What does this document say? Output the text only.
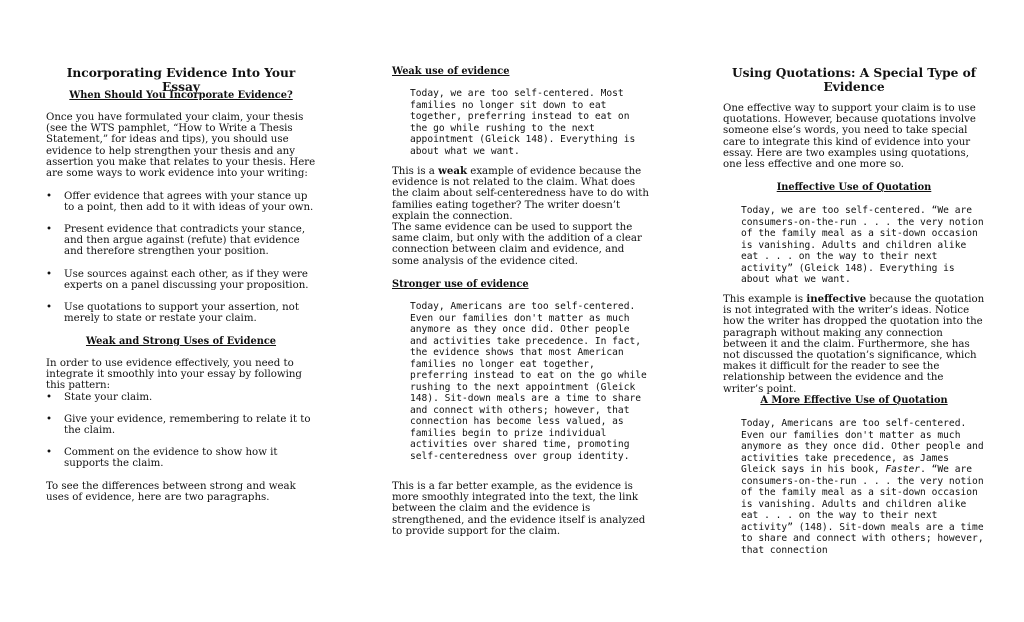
Incorporating Evidence Into Your Essay
When Should You Incorporate Evidence?
Once you have formulated your claim, your thesis (see the WTS pamphlet, “How to Write a Thesis Statement,” for ideas and tips), you should use evidence to help strengthen your thesis and any assertion you make that relates to your thesis. Here are some ways to work evidence into your writing:
• Offer evidence that agrees with your stance up to a point, then add to it with ideas of your own.
• Present evidence that contradicts your stance, and then argue against (refute) that evidence and therefore strengthen your position.
• Use sources against each other, as if they were experts on a panel discussing your proposition.
• Use quotations to support your assertion, not merely to state or restate your claim.
Weak and Strong Uses of Evidence
In order to use evidence effectively, you need to integrate it smoothly into your essay by following this pattern:
• State your claim.
• Give your evidence, remembering to relate it to the claim.
• Comment on the evidence to show how it supports the claim.
To see the differences between strong and weak uses of evidence, here are two paragraphs.
Weak use of evidence
Today, we are too self-centered. Most families no longer sit down to eat together, preferring instead to eat on the go while rushing to the next appointment (Gleick 148). Everything is about what we want.
This is a weak example of evidence because the evidence is not related to the claim. What does the claim about self-centeredness have to do with families eating together? The writer doesn’t explain the connection.
The same evidence can be used to support the same claim, but only with the addition of a clear connection between claim and evidence, and some analysis of the evidence cited.
Stronger use of evidence
Today, Americans are too self-centered. Even our families don't matter as much anymore as they once did. Other people and activities take precedence. In fact, the evidence shows that most American families no longer eat together, preferring instead to eat on the go while rushing to the next appointment (Gleick 148). Sit-down meals are a time to share and connect with others; however, that connection has become less valued, as families begin to prize individual activities over shared time, promoting self-centeredness over group identity.
This is a far better example, as the evidence is more smoothly integrated into the text, the link between the claim and the evidence is strengthened, and the evidence itself is analyzed to provide support for the claim.
Using Quotations: A Special Type of Evidence
One effective way to support your claim is to use quotations. However, because quotations involve someone else’s words, you need to take special care to integrate this kind of evidence into your essay. Here are two examples using quotations, one less effective and one more so.
Ineffective Use of Quotation
Today, we are too self-centered. “We are consumers-on-the-run . . . the very notion of the family meal as a sit-down occasion is vanishing. Adults and children alike eat . . . on the way to their next activity” (Gleick 148). Everything is about what we want.
This example is ineffective because the quotation is not integrated with the writer’s ideas. Notice how the writer has dropped the quotation into the paragraph without making any connection between it and the claim. Furthermore, she has not discussed the quotation’s significance, which makes it difficult for the reader to see the relationship between the evidence and the writer’s point.
A More Effective Use of Quotation
Today, Americans are too self-centered. Even our families don't matter as much anymore as they once did. Other people and activities take precedence, as James Gleick says in his book, Faster. “We are consumers-on-the-run . . . the very notion of the family meal as a sit-down occasion is vanishing. Adults and children alike eat . . . on the way to their next activity” (148). Sit-down meals are a time to share and connect with others; however, that connection
